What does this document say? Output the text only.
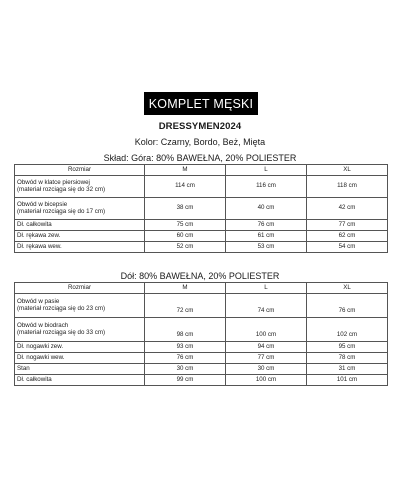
KOMPLET MĘSKI
DRESSYMEN2024
Kolor: Czarny, Bordo, Beż, Mięta
Skład: Góra: 80% BAWEŁNA, 20% POLIESTER
Rozmiar	M	L	XL
Obwód w klatce piersiowej
(materiał rozciąga się do 32 cm)	114 cm	116 cm	118 cm
Obwód w bicepsie
(materiał rozciąga się do 17 cm)	38 cm	40 cm	42 cm
Dł. całkowita	75 cm	76 cm	77 cm
Dł. rękawa zew.	60 cm	61 cm	62 cm
Dł. rękawa wew.	52 cm	53 cm	54 cm
Dół: 80% BAWEŁNA, 20% POLIESTER
Rozmiar	M	L	XL
Obwód w pasie
(materiał rozciąga się do 23 cm)	72 cm	74 cm	76 cm
Obwód w biodrach
(materiał rozciąga się do 33 cm)	98 cm	100 cm	102 cm
Dł. nogawki zew.	93 cm	94 cm	95 cm
Dł. nogawki wew.	76 cm	77 cm	78 cm
Stan	30 cm	30 cm	31 cm
Dł. całkowita	99 cm	100 cm	101 cm
